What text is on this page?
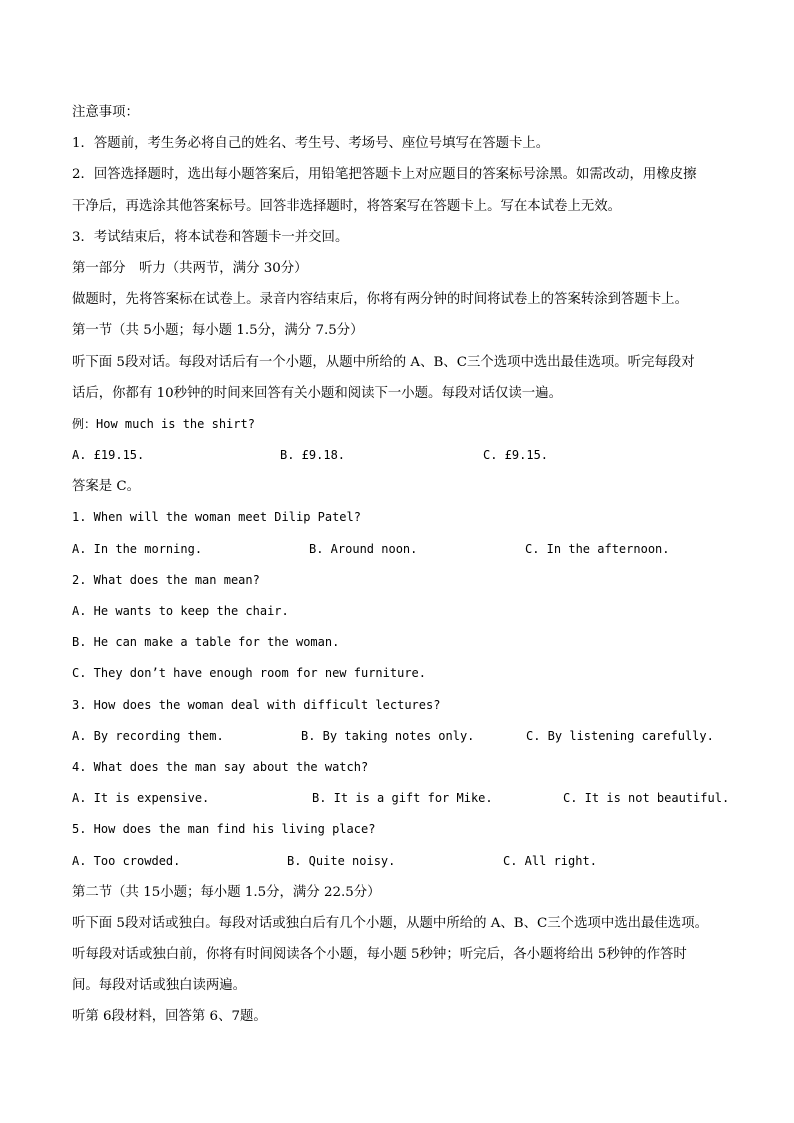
注意事项：
1．答题前，考生务必将自己的姓名、考生号、考场号、座位号填写在答题卡上。
2．回答选择题时，选出每小题答案后，用铅笔把答题卡上对应题目的答案标号涂黑。如需改动，用橡皮擦
干净后，再选涂其他答案标号。回答非选择题时，将答案写在答题卡上。写在本试卷上无效。
3．考试结束后，将本试卷和答题卡一并交回。
第一部分　听力（共两节，满分 30分）
做题时，先将答案标在试卷上。录音内容结束后，你将有两分钟的时间将试卷上的答案转涂到答题卡上。
第一节（共 5小题；每小题 1.5分，满分 7.5分）
听下面 5段对话。每段对话后有一个小题，从题中所给的 A、B、C三个选项中选出最佳选项。听完每段对
话后，你都有 10秒钟的时间来回答有关小题和阅读下一小题。每段对话仅读一遍。
例：How much is the shirt?
A. £19.15.	B. £9.18.	C. £9.15.
答案是 C。
1. When will the woman meet Dilip Patel?
A. In the morning.	B. Around noon.	C. In the afternoon.
2. What does the man mean?
A. He wants to keep the chair.
B. He can make a table for the woman.
C. They don’t have enough room for new furniture.
3. How does the woman deal with difficult lectures?
A. By recording them.	B. By taking notes only.	C. By listening carefully.
4. What does the man say about the watch?
A. It is expensive.	B. It is a gift for Mike.	C. It is not beautiful.
5. How does the man find his living place?
A. Too crowded.	B. Quite noisy.	C. All right.
第二节（共 15小题；每小题 1.5分，满分 22.5分）
听下面 5段对话或独白。每段对话或独白后有几个小题，从题中所给的 A、B、C三个选项中选出最佳选项。
听每段对话或独白前，你将有时间阅读各个小题，每小题 5秒钟；听完后，各小题将给出 5秒钟的作答时
间。每段对话或独白读两遍。
听第 6段材料，回答第 6、7题。
